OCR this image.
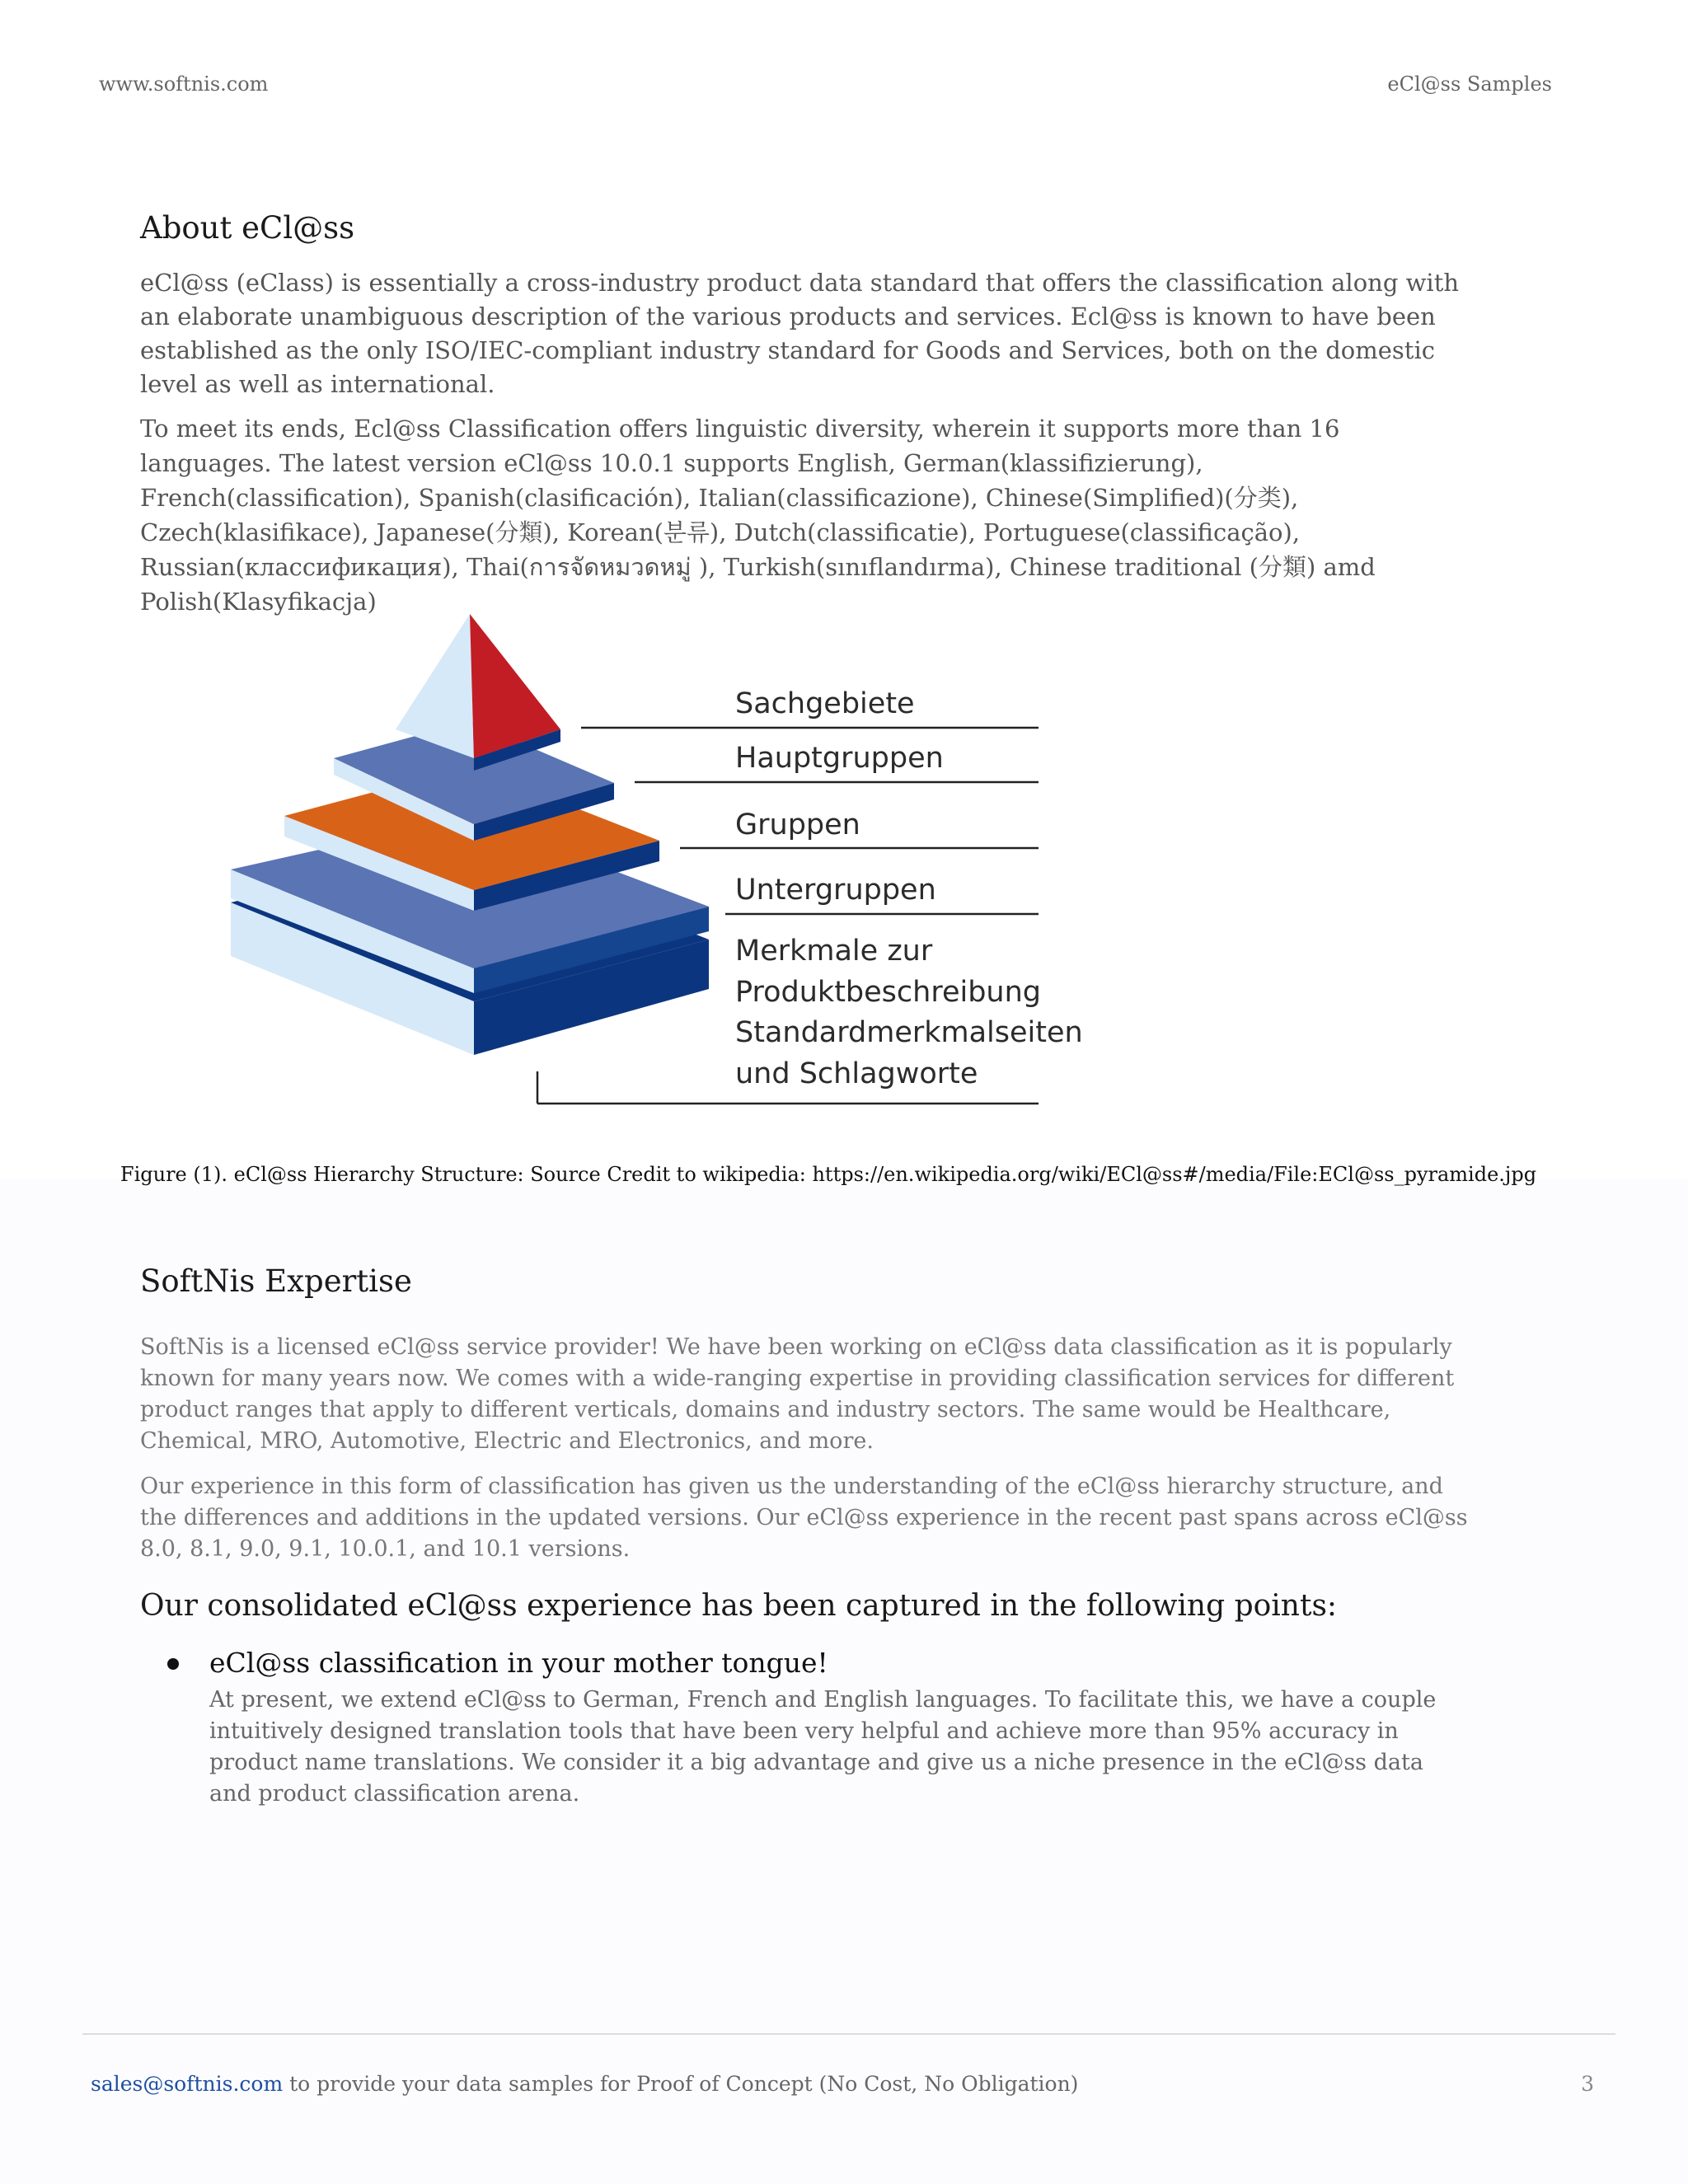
www.softnis.com	eCl@ss Samples
About eCl@ss

eCl@ss (eClass) is essentially a cross-industry product data standard that offers the classification along with an elaborate unambiguous description of the various products and services. Ecl@ss is known to have been established as the only ISO/IEC-compliant industry standard for Goods and Services, both on the domestic level as well as international.

To meet its ends, Ecl@ss Classification offers linguistic diversity, wherein it supports more than 16 languages. The latest version eCl@ss 10.0.1 supports English, German(klassifizierung), French(classification), Spanish(clasificación), Italian(classificazione), Chinese(Simplified)(分类), Czech(klasifikace), Japanese(分類), Korean(분류), Dutch(classificatie), Portuguese(classificação), Russian(классификация), Thai(การจัดหมวดหมู่ ), Turkish(sınıflandırma), Chinese traditional (分類) amd Polish(Klasyfikacja)

Sachgebiete
Hauptgruppen
Gruppen
Untergruppen
Merkmale zur
Produktbeschreibung
Standardmerkmalseiten
und Schlagworte
Figure (1). eCl@ss Hierarchy Structure: Source Credit to wikipedia: https://en.wikipedia.org/wiki/ECl@ss#/media/File:ECl@ss_pyramide.jpg
SoftNis Expertise

SoftNis is a licensed eCl@ss service provider! We have been working on eCl@ss data classification as it is popularly known for many years now. We comes with a wide-ranging expertise in providing classification services for different product ranges that apply to different verticals, domains and industry sectors. The same would be Healthcare, Chemical, MRO, Automotive, Electric and Electronics, and more.

Our experience in this form of classification has given us the understanding of the eCl@ss hierarchy structure, and the differences and additions in the updated versions. Our eCl@ss experience in the recent past spans across eCl@ss 8.0, 8.1, 9.0, 9.1, 10.0.1, and 10.1 versions.

Our consolidated eCl@ss experience has been captured in the following points:
eCl@ss classification in your mother tongue!
At present, we extend eCl@ss to German, French and English languages. To facilitate this, we have a couple intuitively designed translation tools that have been very helpful and achieve more than 95% accuracy in product name translations. We consider it a big advantage and give us a niche presence in the eCl@ss data and product classification arena.
sales@softnis.com to provide your data samples for Proof of Concept (No Cost, No Obligation)	3
